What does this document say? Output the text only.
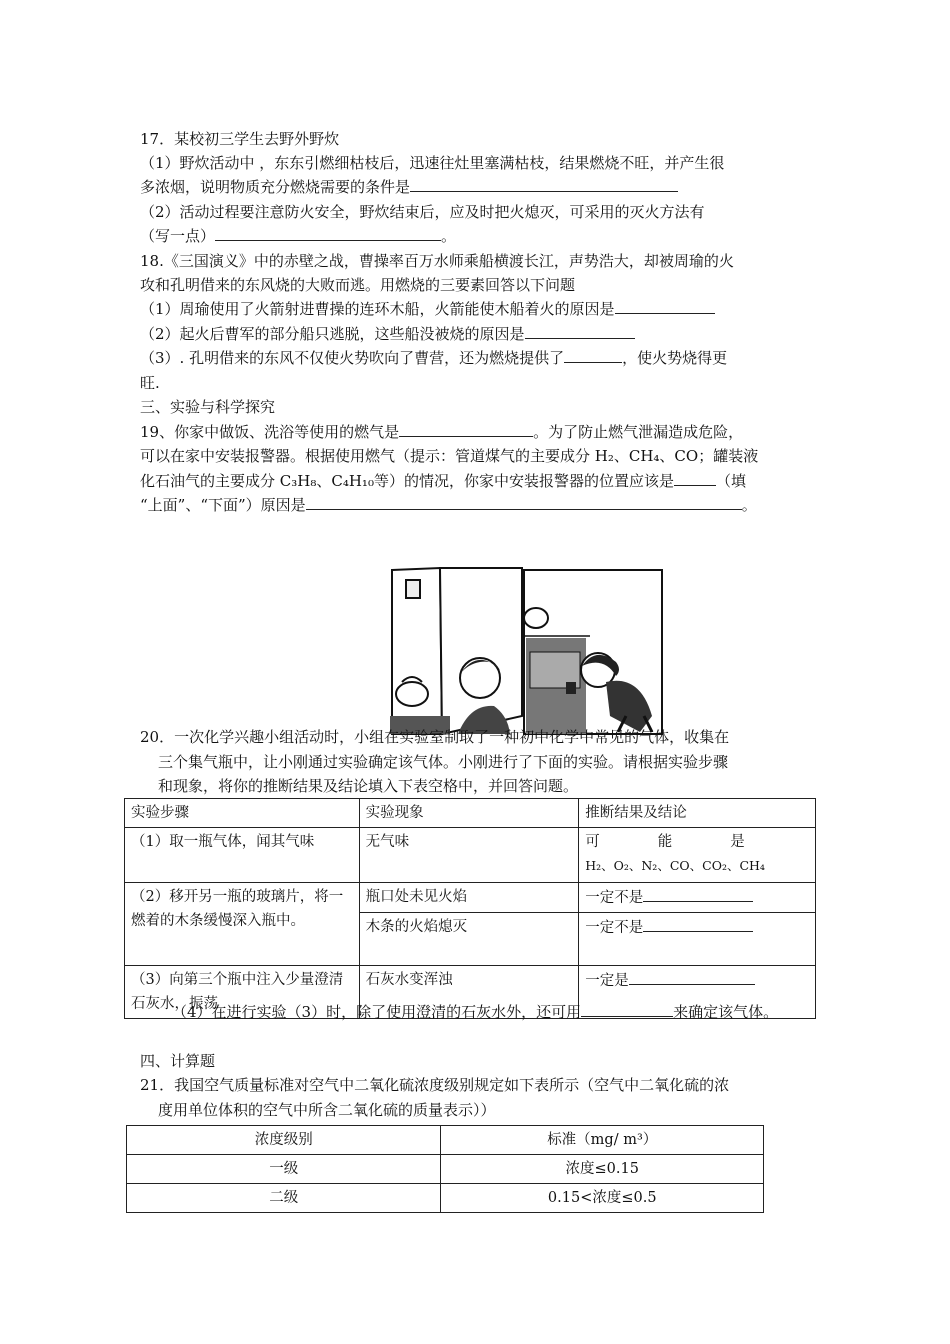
17．某校初三学生去野外野炊
（1）野炊活动中 ，东东引燃细枯枝后，迅速往灶里塞满枯枝，结果燃烧不旺，并产生很
多浓烟，说明物质充分燃烧需要的条件是
（2）活动过程要注意防火安全，野炊结束后，应及时把火熄灭，可采用的灭火方法有
（写一点）	。
18.《三国演义》中的赤壁之战，曹操率百万水师乘船横渡长江，声势浩大，却被周瑜的火
攻和孔明借来的东风烧的大败而逃。用燃烧的三要素回答以下问题
（1）周瑜使用了火箭射进曹操的连环木船，火箭能使木船着火的原因是
（2）起火后曹军的部分船只逃脱，这些船没被烧的原因是
（3）. 孔明借来的东风不仅使火势吹向了曹营，还为燃烧提供了	，使火势烧得更
旺.
三、实验与科学探究
19、你家中做饭、洗浴等使用的燃气是	。为了防止燃气泄漏造成危险，
可以在家中安装报警器。根据使用燃气（提示：管道煤气的主要成分 H₂、CH₄、CO；罐装液
化石油气的主要成分 C₃H₈、C₄H₁₀等）的情况，你家中安装报警器的位置应该是	（填
“上面”、“下面”）原因是	。
20．一次化学兴趣小组活动时，小组在实验室制取了一种初中化学中常见的气体，收集在
三个集气瓶中，让小刚通过实验确定该气体。小刚进行了下面的实验。请根据实验步骤
和现象，将你的推断结果及结论填入下表空格中，并回答问题。
实验步骤	实验现象	推断结果及结论
（1）取一瓶气体，闻其气味	无气味	可　　　　能　　　　是
H₂、O₂、N₂、CO、CO₂、CH₄

（2）移开另一瓶的玻璃片，将一燃着的木条缓慢深入瓶中。	瓶口处未见火焰	一定不是
	木条的火焰熄灭	一定不是
（3）向第三个瓶中注入少量澄清石灰水，振荡	石灰水变浑浊	一定是
（4）在进行实验（3）时，除了使用澄清的石灰水外，还可用	来确定该气体。
四、计算题
21．我国空气质量标准对空气中二氧化硫浓度级别规定如下表所示（空气中二氧化硫的浓
度用单位体积的空气中所含二氧化硫的质量表示））
浓度级别	标准（mg/ m³）
一级	浓度≤0.15
二级	0.15<浓度≤0.5
